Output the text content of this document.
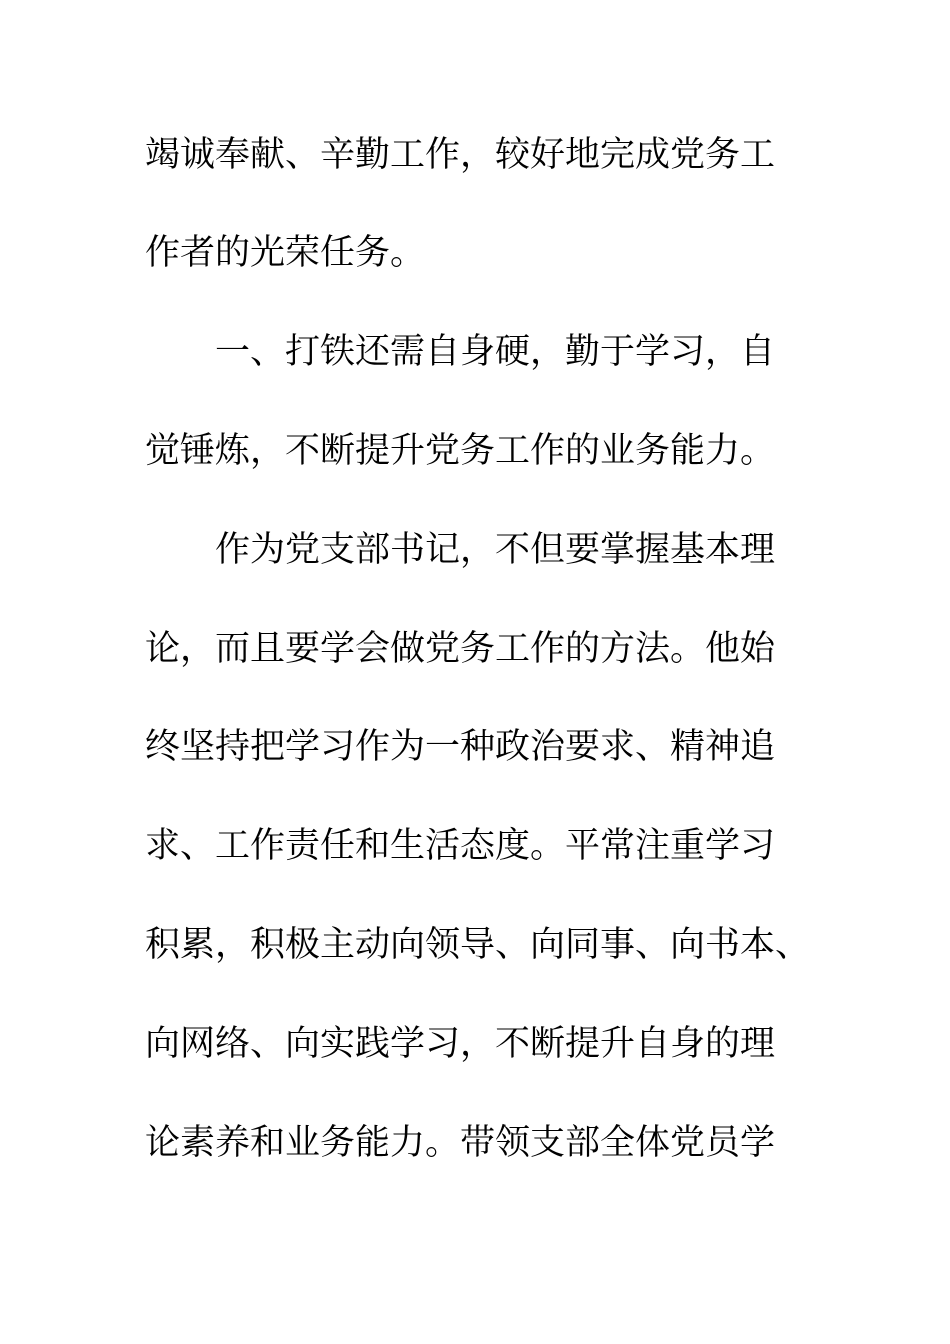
竭诚奉献、辛勤工作，较好地完成党务工
作者的光荣任务。
一、打铁还需自身硬，勤于学习，自
觉锤炼，不断提升党务工作的业务能力。
作为党支部书记，不但要掌握基本理
论，而且要学会做党务工作的方法。他始
终坚持把学习作为一种政治要求、精神追
求、工作责任和生活态度。平常注重学习
积累，积极主动向领导、向同事、向书本、
向网络、向实践学习，不断提升自身的理
论素养和业务能力。带领支部全体党员学
